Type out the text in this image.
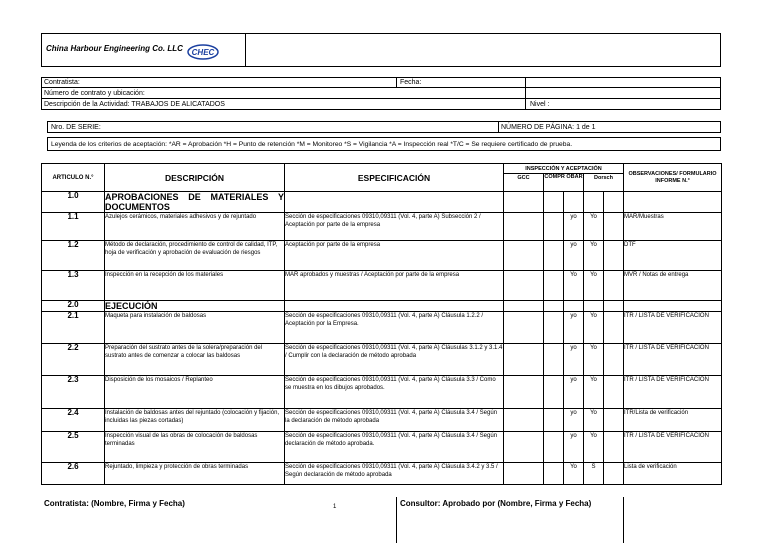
China Harbour Engineering Co. LLC CHEC
Contratista:	Fecha:
Número de contrato y ubicación:
Descripción de la Actividad: TRABAJOS DE ALICATADOS	Nivel :
Nro. DE SERIE:	NÚMERO DE PÁGINA: 1 de 1
Leyenda de los criterios de aceptación: *AR = Aprobación *H = Punto de retención *M = Monitoreo *S = Vigilancia *A = Inspección real *T/C = Se requiere certificado de prueba.
ARTICULO N.°	DESCRIPCIÓN	ESPECIFICACIÓN	INSPECCIÓN Y ACEPTACIÓN					OBSERVACIONES/ FORMULARIO INFORME N.°
			GCC	COMPR OBAR		Dorsch		
1.0	APROBACIONES DE MATERIALES Y DOCUMENTOS							
1.1	Azulejos cerámicos, materiales adhesivos y de rejuntado	Sección de especificaciones 09310,09311 (Vol. 4, parte A) Subsección 2 / Aceptación por parte de la empresa			yo	Yo		MAR/Muestras
1.2	Método de declaración, procedimiento de control de calidad, ITP, hoja de verificación y aprobación de evaluación de riesgos	Aceptación por parte de la empresa			yo	Yo		DTF
1.3	Inspección en la recepción de los materiales	MAR aprobados y muestras / Aceptación por parte de la empresa			Yo	Yo		MVR / Notas de entrega
2.0	EJECUCIÓN							
2.1	Maqueta para instalación de baldosas	Sección de especificaciones 09310,09311 (Vol. 4, parte A) Cláusula 1.2.2 / Aceptación por la Empresa.			yo	Yo		ITR / LISTA DE VERIFICACIÓN
2.2	Preparación del sustrato antes de la solera/preparación del sustrato antes de comenzar a colocar las baldosas	Sección de especificaciones 09310,09311 (Vol. 4, parte A) Cláusulas 3.1.2 y 3.1.4 / Cumplir con la declaración de método aprobada			yo	Yo		ITR / LISTA DE VERIFICACIÓN
2.3	Disposición de los mosaicos / Replanteo	Sección de especificaciones 09310,09311 (Vol. 4, parte A) Cláusula 3.3 / Como se muestra en los dibujos aprobados.			yo	Yo		ITR / LISTA DE VERIFICACIÓN
2.4	Instalación de baldosas antes del rejuntado (colocación y fijación, incluidas las piezas cortadas)	Sección de especificaciones 09310,09311 (Vol. 4, parte A) Cláusula 3.4 / Según la declaración de método aprobada			yo	Yo		ITR/Lista de verificación
2.5	Inspección visual de las obras de colocación de baldosas terminadas	Sección de especificaciones 09310,09311 (Vol. 4, parte A) Cláusula 3.4 / Según declaración de método aprobada.			yo	Yo		ITR / LISTA DE VERIFICACIÓN
2.6	Rejuntado, limpieza y protección de obras terminadas	Sección de especificaciones 09310,09311 (Vol. 4, parte A) Cláusula 3.4.2 y 3.5 / Según declaración de método aprobada			Yo	S		Lista de verificación
Contratista: (Nombre, Firma y Fecha)	1	Consultor: Aprobado por (Nombre, Firma y Fecha)
